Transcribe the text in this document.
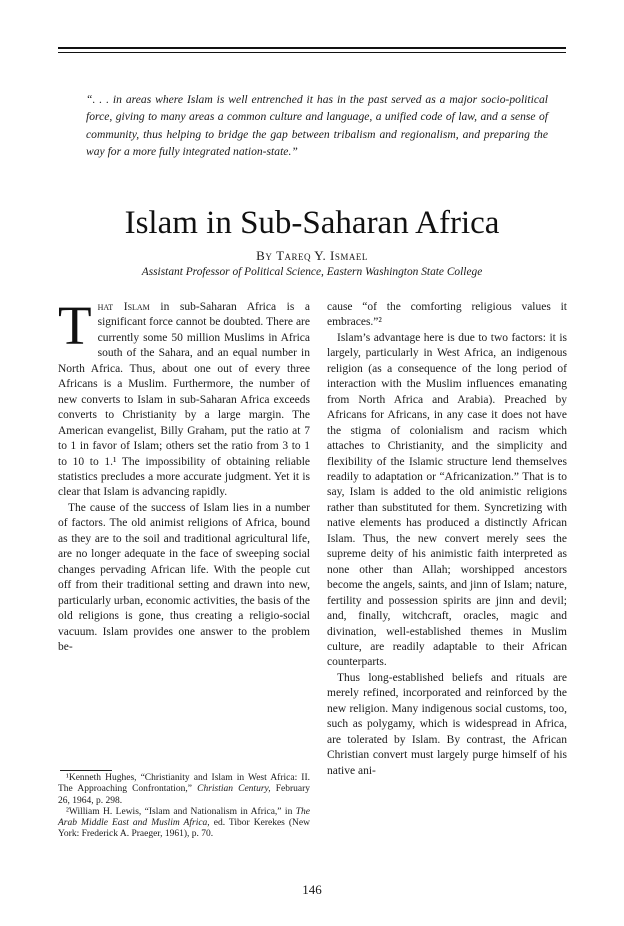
“. . . in areas where Islam is well entrenched it has in the past served as a major socio-political force, giving to many areas a common culture and language, a unified code of law, and a sense of community, thus helping to bridge the gap between tribalism and regionalism, and preparing the way for a more fully integrated nation-state.”
Islam in Sub-Saharan Africa
By Tareq Y. Ismael
Assistant Professor of Political Science, Eastern Washington State College

That Islam in sub-Saharan Africa is a significant force cannot be doubted. There are currently some 50 million Muslims in Africa south of the Sahara, and an equal number in North Africa. Thus, about one out of every three Africans is a Muslim. Furthermore, the number of new converts to Islam in sub-Saharan Africa exceeds converts to Christianity by a large margin. The American evangelist, Billy Graham, put the ratio at 7 to 1 in favor of Islam; others set the ratio from 3 to 1 to 10 to 1.¹ The impossibility of obtaining reliable statistics precludes a more accurate judgment. Yet it is clear that Islam is advancing rapidly.

The cause of the success of Islam lies in a number of factors. The old animist religions of Africa, bound as they are to the soil and traditional agricultural life, are no longer adequate in the face of sweeping social changes pervading African life. With the people cut off from their traditional setting and drawn into new, particularly urban, economic activities, the basis of the old religions is gone, thus creating a religio-social vacuum. Islam provides one answer to the problem be-

cause “of the comforting religious values it embraces.”²

Islam’s advantage here is due to two factors: it is largely, particularly in West Africa, an indigenous religion (as a consequence of the long period of interaction with the Muslim influences emanating from North Africa and Arabia). Preached by Africans for Africans, in any case it does not have the stigma of colonialism and racism which attaches to Christianity, and the simplicity and flexibility of the Islamic structure lend themselves readily to adaptation or “Africanization.” That is to say, Islam is added to the old animistic religions rather than substituted for them. Syncretizing with native elements has produced a distinctly African Islam. Thus, the new convert merely sees the supreme deity of his animistic faith interpreted as none other than Allah; worshipped ancestors become the angels, saints, and jinn of Islam; nature, fertility and possession spirits are jinn and devil; and, finally, witchcraft, oracles, magic and divination, well-established themes in Muslim culture, are readily adaptable to their African counterparts.

Thus long-established beliefs and rituals are merely refined, incorporated and reinforced by the new religion. Many indigenous social customs, too, such as polygamy, which is widespread in Africa, are tolerated by Islam. By contrast, the African Christian convert must largely purge himself of his native ani-

¹Kenneth Hughes, “Christianity and Islam in West Africa: II. The Approaching Confrontation,” Christian Century, February 26, 1964, p. 298.

²William H. Lewis, “Islam and Nationalism in Africa,” in The Arab Middle East and Muslim Africa, ed. Tibor Kerekes (New York: Frederick A. Praeger, 1961), p. 70.

146
